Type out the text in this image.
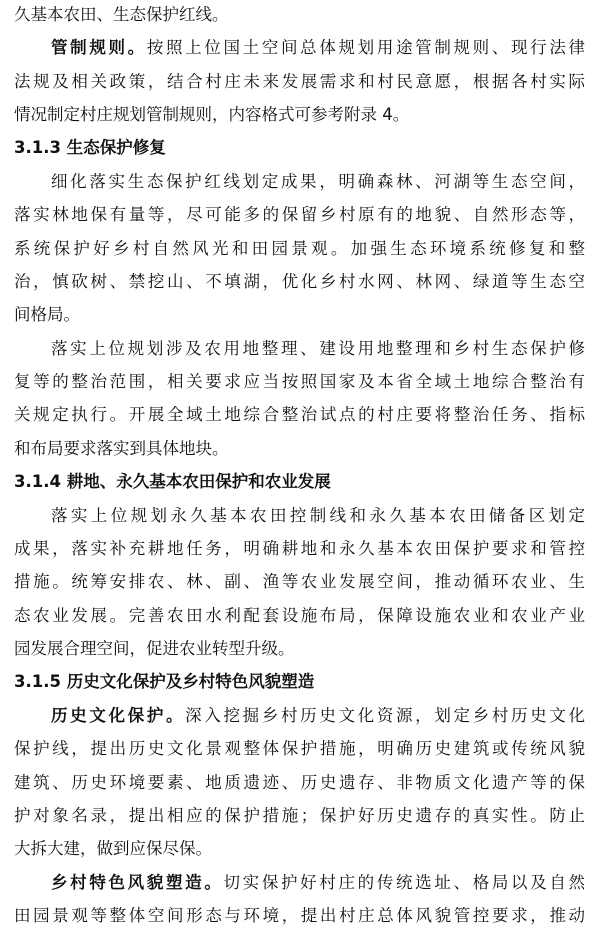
久基本农田、生态保护红线。
管制规则。按照上位国土空间总体规划用途管制规则、现行法律
法规及相关政策，结合村庄未来发展需求和村民意愿，根据各村实际
情况制定村庄规划管制规则，内容格式可参考附录 4。
3.1.3 生态保护修复
细化落实生态保护红线划定成果，明确森林、河湖等生态空间，
落实林地保有量等，尽可能多的保留乡村原有的地貌、自然形态等，
系统保护好乡村自然风光和田园景观。加强生态环境系统修复和整
治，慎砍树、禁挖山、不填湖，优化乡村水网、林网、绿道等生态空
间格局。
落实上位规划涉及农用地整理、建设用地整理和乡村生态保护修
复等的整治范围，相关要求应当按照国家及本省全域土地综合整治有
关规定执行。开展全域土地综合整治试点的村庄要将整治任务、指标
和布局要求落实到具体地块。
3.1.4 耕地、永久基本农田保护和农业发展
落实上位规划永久基本农田控制线和永久基本农田储备区划定
成果，落实补充耕地任务，明确耕地和永久基本农田保护要求和管控
措施。统筹安排农、林、副、渔等农业发展空间，推动循环农业、生
态农业发展。完善农田水利配套设施布局，保障设施农业和农业产业
园发展合理空间，促进农业转型升级。
3.1.5 历史文化保护及乡村特色风貌塑造
历史文化保护。深入挖掘乡村历史文化资源，划定乡村历史文化
保护线，提出历史文化景观整体保护措施，明确历史建筑或传统风貌
建筑、历史环境要素、地质遗迹、历史遗存、非物质文化遗产等的保
护对象名录，提出相应的保护措施；保护好历史遗存的真实性。防止
大拆大建，做到应保尽保。
乡村特色风貌塑造。切实保护好村庄的传统选址、格局以及自然
田园景观等整体空间形态与环境，提出村庄总体风貌管控要求，推动
